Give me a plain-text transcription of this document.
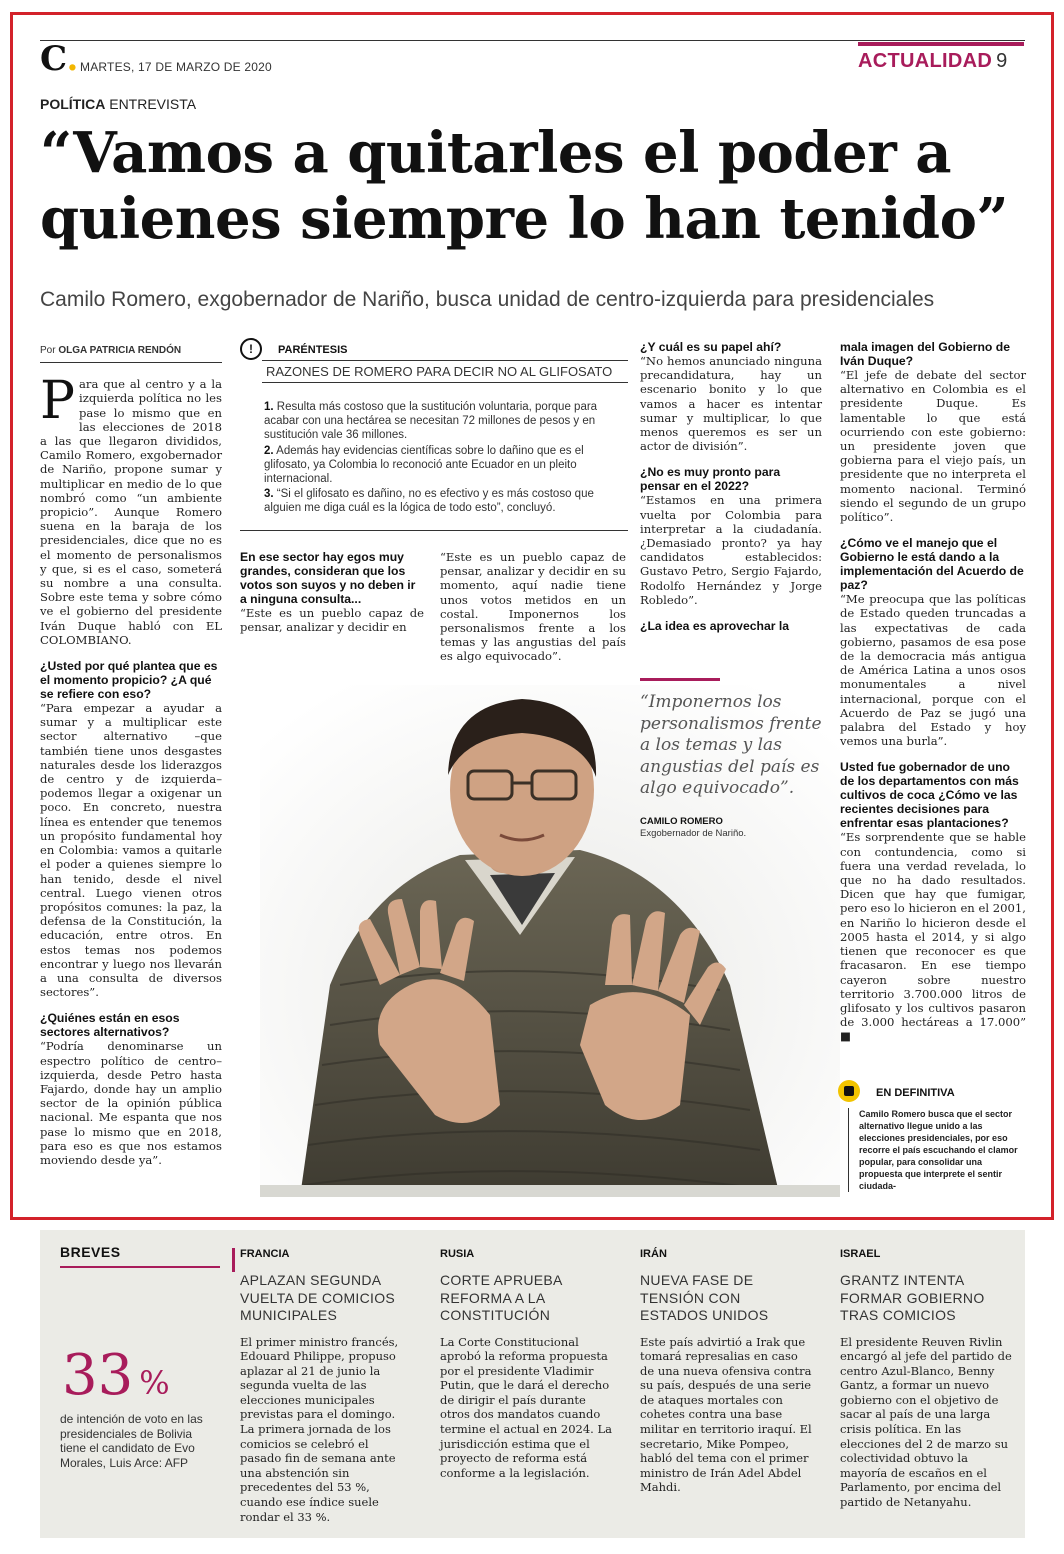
C. MARTES, 17 DE MARZO DE 2020	ACTUALIDAD 9
POLÍTICA ENTREVISTA
“Vamos a quitarles el poder a quienes siempre lo han tenido”
Camilo Romero, exgobernador de Nariño, busca unidad de centro-izquierda para presidenciales
Por OLGA PATRICIA RENDÓN
P ara que al centro y a la izquierda política no les pase lo mismo que en las elecciones de 2018 a las que llegaron divididos, Camilo Romero, exgobernador de Nariño, propone sumar y multiplicar en medio de lo que nombró como “un ambiente propicio”. Aunque Romero suena en la baraja de los presidenciales, dice que no es el momento de personalismos y que, si es el caso, someterá su nombre a una consulta. Sobre este tema y sobre cómo ve el gobierno del presidente Iván Duque habló con EL COLOMBIANO.

¿Usted por qué plantea que es el momento propicio? ¿A qué se refiere con eso?

“Para empezar a ayudar a sumar y a multiplicar este sector alternativo –que también tiene unos desgastes naturales desde los liderazgos de centro y de izquierda– podemos llegar a oxigenar un poco. En concreto, nuestra línea es entender que tenemos un propósito fundamental hoy en Colombia: vamos a quitarle el poder a quienes siempre lo han tenido, desde el nivel central. Luego vienen otros propósitos comunes: la paz, la defensa de la Constitución, la educación, entre otros. En estos temas nos podemos encontrar y luego nos llevarán a una consulta de diversos sectores”.

¿Quiénes están en esos sectores alternativos?

“Podría denominarse un espectro político de centro–izquierda, desde Petro hasta Fajardo, donde hay un amplio sector de la opinión pública nacional. Me espanta que nos pase lo mismo que en 2018, para eso es que nos estamos moviendo desde ya”.

!	PARÉNTESIS
RAZONES DE ROMERO PARA DECIR NO AL GLIFOSATO

1. Resulta más costoso que la sustitución voluntaria, porque para acabar con una hectárea se necesitan 72 millones de pesos y en sustitución vale 36 millones.

2. Además hay evidencias científicas sobre lo dañino que es el glifosato, ya Colombia lo reconoció ante Ecuador en un pleito internacional.

3. “Si el glifosato es dañino, no es efectivo y es más costoso que alguien me diga cuál es la lógica de todo esto”, concluyó.

En ese sector hay egos muy grandes, consideran que los votos son suyos y no deben ir a ninguna consulta...

“Este es un pueblo capaz de pensar, analizar y decidir en

“Este es un pueblo capaz de pensar, analizar y decidir en su momento, aquí nadie tiene unos votos metidos en un costal. Imponernos los personalismos frente a los temas y las angustias del país es algo equivocado”.

¿Y cuál es su papel ahí?

“No hemos anunciado ninguna precandidatura, hay un escenario bonito y lo que vamos a hacer es intentar sumar y multiplicar, lo que menos queremos es ser un actor de división”.

¿No es muy pronto para pensar en el 2022?

“Estamos en una primera vuelta por Colombia para interpretar a la ciudadanía. ¿Demasiado pronto? ya hay candidatos establecidos: Gustavo Petro, Sergio Fajardo, Rodolfo Hernández y Jorge Robledo”.

¿La idea es aprovechar la
“Imponernos los personalismos frente a los temas y las angustias del país es algo equivocado”.
CAMILO ROMERO
Exgobernador de Nariño.
mala imagen del Gobierno de Iván Duque?

“El jefe de debate del sector alternativo en Colombia es el presidente Duque. Es lamentable lo que está ocurriendo con este gobierno: un presidente joven que gobierna para el viejo país, un presidente que no interpreta el momento nacional. Terminó siendo el segundo de un grupo político”.

¿Cómo ve el manejo que el Gobierno le está dando a la implementación del Acuerdo de paz?

“Me preocupa que las políticas de Estado queden truncadas a las expectativas de cada gobierno, pasamos de esa pose de la democracia más antigua de América Latina a unos osos monumentales a nivel internacional, porque con el Acuerdo de Paz se jugó una palabra del Estado y hoy vemos una burla”.

Usted fue gobernador de uno de los departamentos con más cultivos de coca ¿Cómo ve las recientes decisiones para enfrentar esas plantaciones?

“Es sorprendente que se hable con contundencia, como si fuera una verdad revelada, lo que no ha dado resultados. Dicen que hay que fumigar, pero eso lo hicieron en el 2001, en Nariño lo hicieron desde el 2005 hasta el 2014, y si algo tienen que reconocer es que fracasaron. En ese tiempo cayeron sobre nuestro territorio 3.700.000 litros de glifosato y los cultivos pasaron de 3.000 hectáreas a 17.000” ■

EN DEFINITIVA
Camilo Romero busca que el sector alternativo llegue unido a las elecciones presidenciales, por eso recorre el país escuchando el clamor popular, para consolidar una propuesta que interprete el sentir ciudada-
BREVES
33 %
de intención de voto en las presidenciales de Bolivia tiene el candidato de Evo Morales, Luis Arce: AFP
FRANCIA
APLAZAN SEGUNDA VUELTA DE COMICIOS MUNICIPALES
El primer ministro francés, Edouard Philippe, propuso aplazar al 21 de junio la segunda vuelta de las elecciones municipales previstas para el domingo. La primera jornada de los comicios se celebró el pasado fin de semana ante una abstención sin precedentes del 53 %, cuando ese índice suele rondar el 33 %.
RUSIA
CORTE APRUEBA REFORMA A LA CONSTITUCIÓN
La Corte Constitucional aprobó la reforma propuesta por el presidente Vladimir Putin, que le dará el derecho de dirigir el país durante otros dos mandatos cuando termine el actual en 2024. La jurisdicción estima que el proyecto de reforma está conforme a la legislación.
IRÁN
NUEVA FASE DE TENSIÓN CON ESTADOS UNIDOS
Este país advirtió a Irak que tomará represalias en caso de una nueva ofensiva contra su país, después de una serie de ataques mortales con cohetes contra una base militar en territorio iraquí. El secretario, Mike Pompeo, habló del tema con el primer ministro de Irán Adel Abdel Mahdi.
ISRAEL
GRANTZ INTENTA FORMAR GOBIERNO TRAS COMICIOS
El presidente Reuven Rivlin encargó al jefe del partido de centro Azul-Blanco, Benny Gantz, a formar un nuevo gobierno con el objetivo de sacar al país de una larga crisis política. En las elecciones del 2 de marzo su colectividad obtuvo la mayoría de escaños en el Parlamento, por encima del partido de Netanyahu.
